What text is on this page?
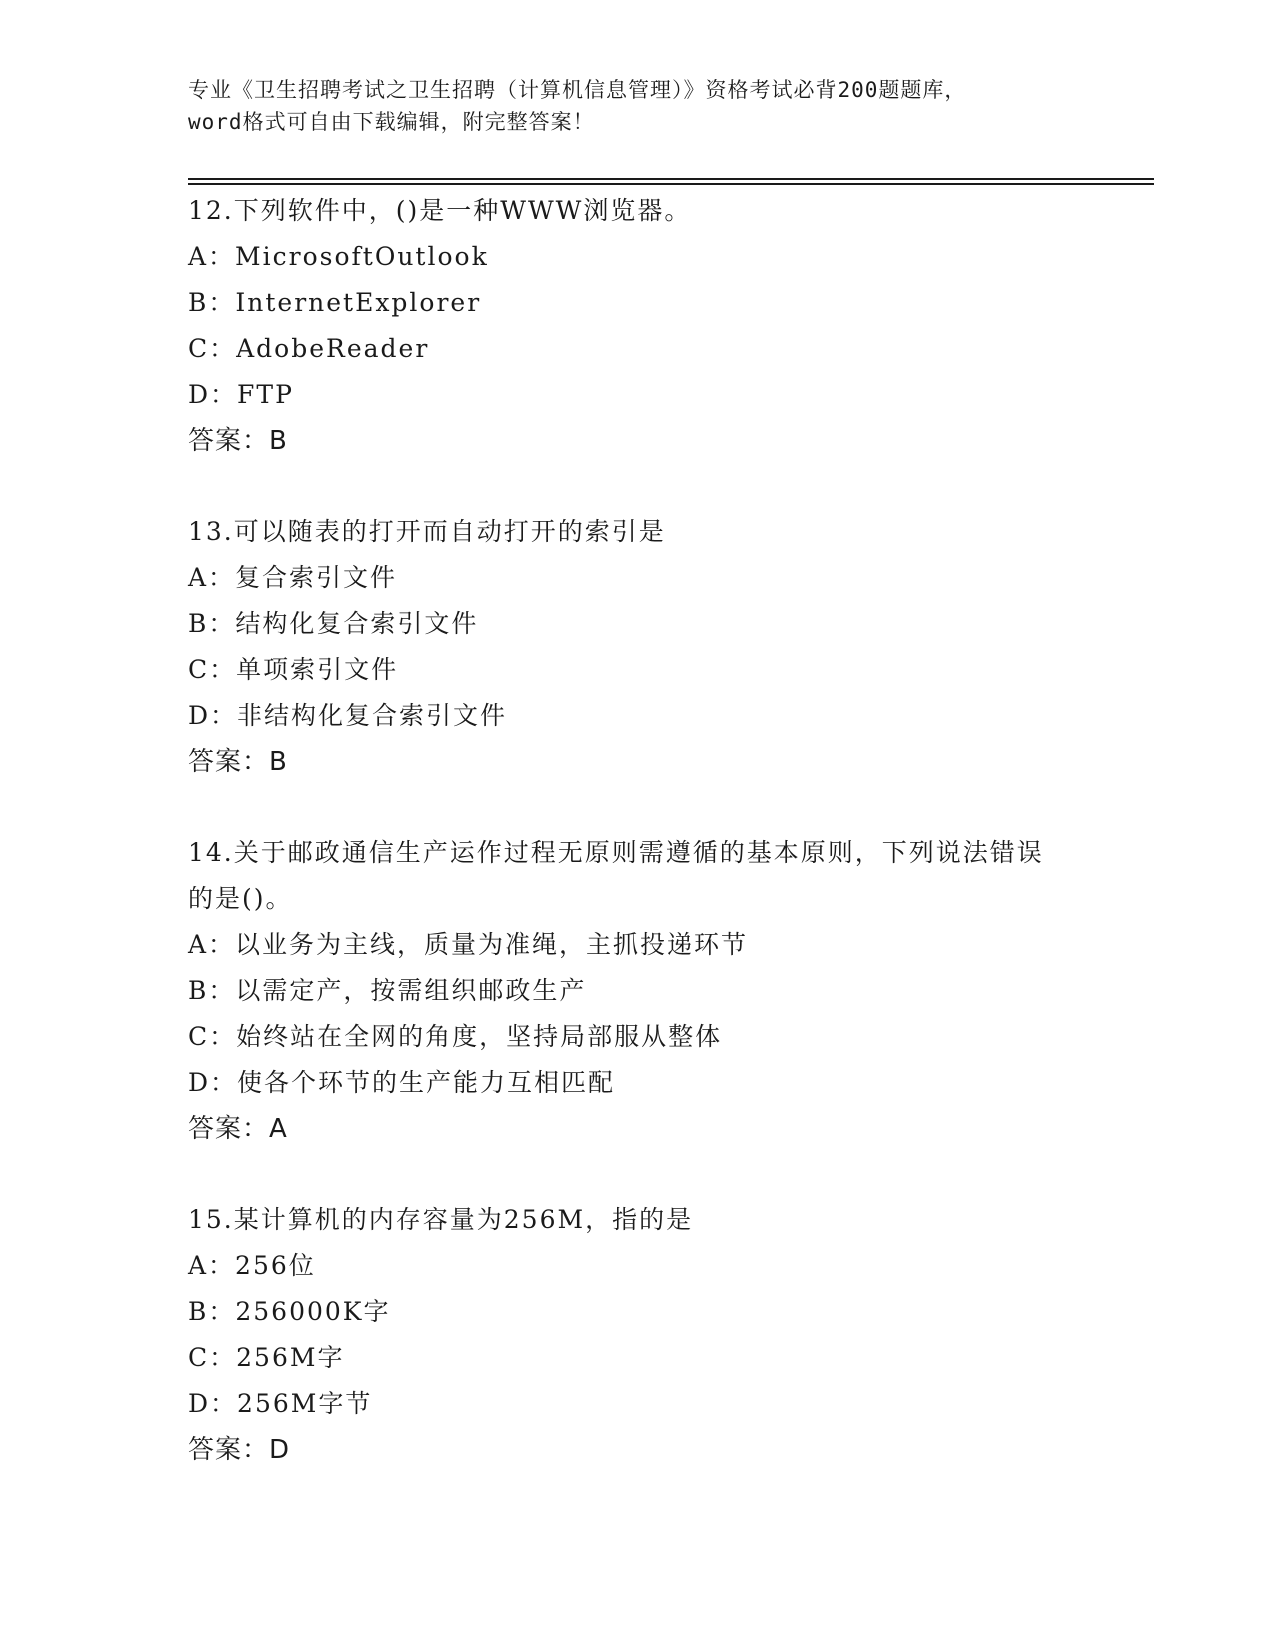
专业《卫生招聘考试之卫生招聘（计算机信息管理）》资格考试必背200题题库，
word格式可自由下载编辑，附完整答案！
12.下列软件中，()是一种WWW浏览器。
A：MicrosoftOutlook
B：InternetExplorer
C：AdobeReader
D：FTP
答案：B
13.可以随表的打开而自动打开的索引是
A：复合索引文件
B：结构化复合索引文件
C：单项索引文件
D：非结构化复合索引文件
答案：B
14.关于邮政通信生产运作过程无原则需遵循的基本原则，下列说法错误的是()。
A：以业务为主线，质量为准绳，主抓投递环节
B：以需定产，按需组织邮政生产
C：始终站在全网的角度，坚持局部服从整体
D：使各个环节的生产能力互相匹配
答案：A
15.某计算机的内存容量为256M，指的是
A：256位
B：256000K字
C：256M字
D：256M字节
答案：D
